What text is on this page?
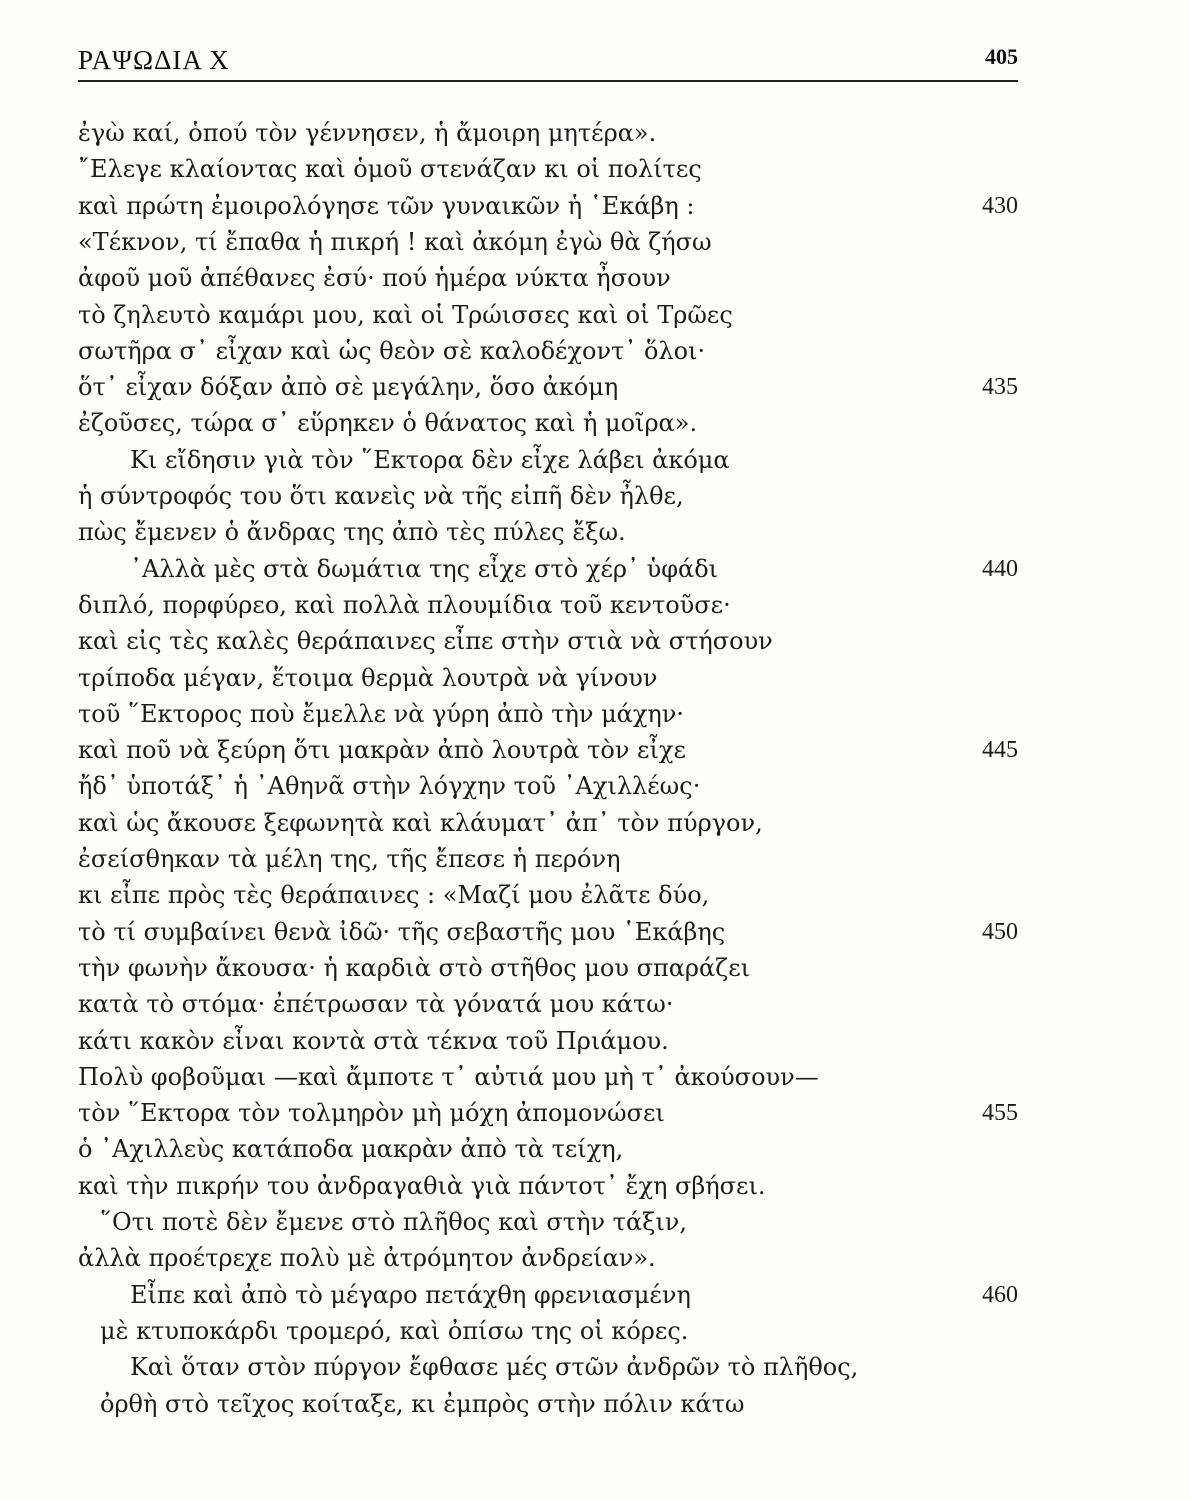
ΡΑΨΩΔΙΑ Χ	405
ἐγὼ καί, ὁπού τὸν γέννησεν, ἡ ἄμοιρη μητέρα».
῎Ελεγε κλαίοντας καὶ ὁμοῦ στενάζαν κι οἱ πολίτες
καὶ πρώτη ἐμοιρολόγησε τῶν γυναικῶν ἡ ῾Εκάβη :	430
«Τέκνον, τί ἔπαθα ἡ πικρή ! καὶ ἀκόμη ἐγὼ θὰ ζήσω
ἀφοῦ μοῦ ἀπέθανες ἐσύ· πού ἡμέρα νύκτα ἦσουν
τὸ ζηλευτὸ καμάρι μου, καὶ οἱ Τρώισσες καὶ οἱ Τρῶες
σωτῆρα σ᾽ εἶχαν καὶ ὡς θεὸν σὲ καλοδέχοντ᾽ ὅλοι·
ὅτ᾽ εἶχαν δόξαν ἀπὸ σὲ μεγάλην, ὅσο ἀκόμη	435
ἐζοῦσες, τώρα σ᾽ εὕρηκεν ὁ θάνατος καὶ ἡ μοῖρα».
Κι εἴδησιν γιὰ τὸν ῞Εκτορα δὲν εἶχε λάβει ἀκόμα
ἡ σύντροφός του ὅτι κανεὶς νὰ τῆς εἰπῆ δὲν ἦλθε,
πὼς ἔμενεν ὁ ἄνδρας της ἀπὸ τὲς πύλες ἔξω.
᾽Αλλὰ μὲς στὰ δωμάτια της εἶχε στὸ χέρ᾽ ὑφάδι	440
διπλό, πορφύρεο, καὶ πολλὰ πλουμίδια τοῦ κεντοῦσε·
καὶ εἰς τὲς καλὲς θεράπαινες εἶπε στὴν στιὰ νὰ στήσουν
τρίποδα μέγαν, ἕτοιμα θερμὰ λουτρὰ νὰ γίνουν
τοῦ ῞Εκτορος ποὺ ἔμελλε νὰ γύρη ἀπὸ τὴν μάχην·
καὶ ποῦ νὰ ξεύρη ὅτι μακρὰν ἀπὸ λουτρὰ τὸν εἶχε	445
ἤδ᾽ ὑποτάξ᾽ ἡ ᾽Αθηνᾶ στὴν λόγχην τοῦ ᾽Αχιλλέως·
καὶ ὡς ἄκουσε ξεφωνητὰ καὶ κλάυματ᾽ ἀπ᾽ τὸν πύργον,
ἐσείσθηκαν τὰ μέλη της, τῆς ἔπεσε ἡ περόνη
κι εἶπε πρὸς τὲς θεράπαινες : «Μαζί μου ἐλᾶτε δύο,
τὸ τί συμβαίνει θενὰ ἰδῶ· τῆς σεβαστῆς μου ῾Εκάβης	450
τὴν φωνὴν ἄκουσα· ἡ καρδιὰ στὸ στῆθος μου σπαράζει
κατὰ τὸ στόμα· ἐπέτρωσαν τὰ γόνατά μου κάτω·
κάτι κακὸν εἶναι κοντὰ στὰ τέκνα τοῦ Πριάμου.
Πολὺ φοβοῦμαι —καὶ ἄμποτε τ᾽ αὐτιά μου μὴ τ᾽ ἀκούσουν—
τὸν ῞Εκτορα τὸν τολμηρὸν μὴ μόχη ἀπομονώσει	455
ὁ ᾽Αχιλλεὺς κατάποδα μακρὰν ἀπὸ τὰ τείχη,
καὶ τὴν πικρήν του ἀνδραγαθιὰ γιὰ πάντοτ᾽ ἔχη σβήσει.
῞Οτι ποτὲ δὲν ἔμενε στὸ πλῆθος καὶ στὴν τάξιν,
ἀλλὰ προέτρεχε πολὺ μὲ ἀτρόμητον ἀνδρείαν».
Εἶπε καὶ ἀπὸ τὸ μέγαρο πετάχθη φρενιασμένη	460
μὲ κτυποκάρδι τρομερό, καὶ ὀπίσω της οἱ κόρες.
Καὶ ὅταν στὸν πύργον ἔφθασε μές στῶν ἀνδρῶν τὸ πλῆθος,
ὀρθὴ στὸ τεῖχος κοίταξε, κι ἐμπρὸς στὴν πόλιν κάτω
